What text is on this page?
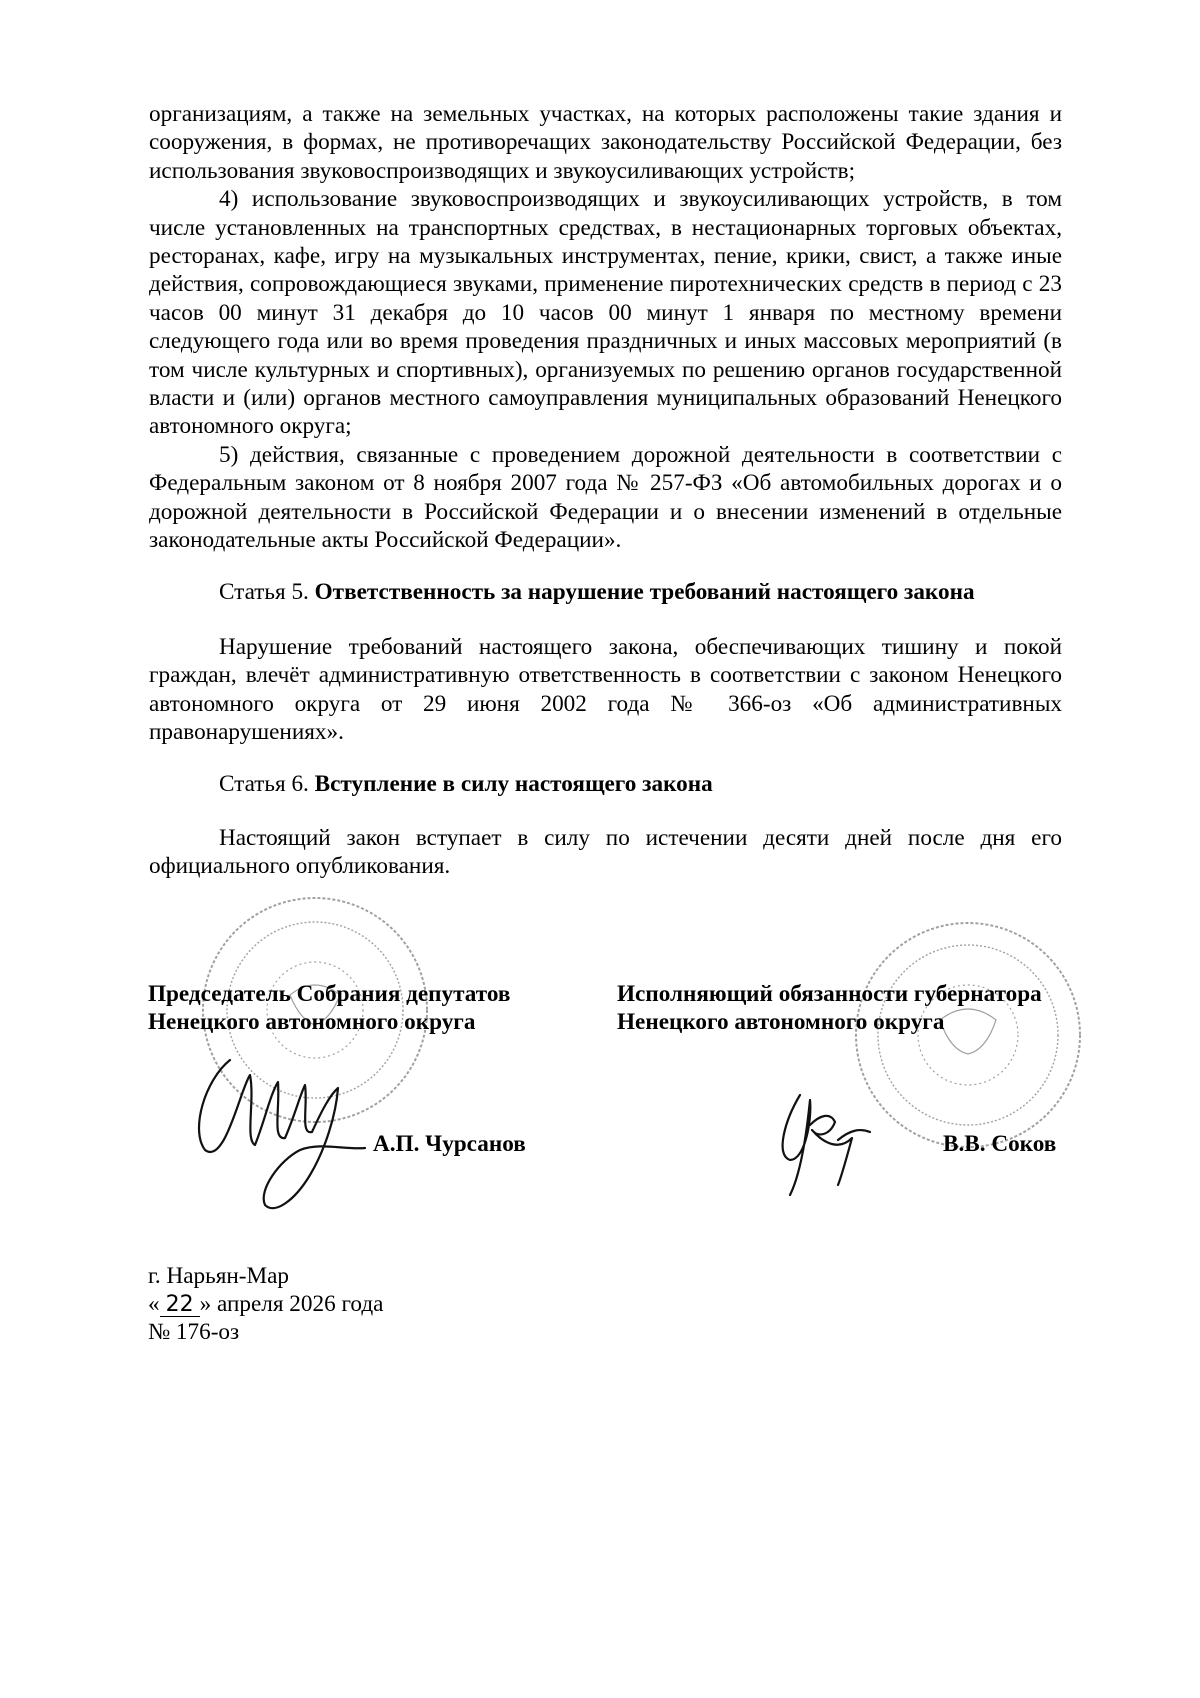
организациям, а также на земельных участках, на которых расположены такие здания и сооружения, в формах, не противоречащих законодательству Российской Федерации, без использования звуковоспроизводящих и звукоусиливающих устройств;

4) использование звуковоспроизводящих и звукоусиливающих устройств, в том числе установленных на транспортных средствах, в нестационарных торговых объектах, ресторанах, кафе, игру на музыкальных инструментах, пение, крики, свист, а также иные действия, сопровождающиеся звуками, применение пиротехнических средств в период с 23 часов 00 минут 31 декабря до 10 часов 00 минут 1 января по местному времени следующего года или во время проведения праздничных и иных массовых мероприятий (в том числе культурных и спортивных), организуемых по решению органов государственной власти и (или) органов местного самоуправления муниципальных образований Ненецкого автономного округа;

5) действия, связанные с проведением дорожной деятельности в соответствии с Федеральным законом от 8 ноября 2007 года № 257-ФЗ «Об автомобильных дорогах и о дорожной деятельности в Российской Федерации и о внесении изменений в отдельные законодательные акты Российской Федерации».

Статья 5. Ответственность за нарушение требований настоящего закона

Нарушение требований настоящего закона, обеспечивающих тишину и покой граждан, влечёт административную ответственность в соответствии с законом Ненецкого автономного округа от 29 июня 2002 года № 366-оз «Об административных правонарушениях».

Статья 6. Вступление в силу настоящего закона

Настоящий закон вступает в силу по истечении десяти дней после дня его официального опубликования.

Председатель Собрания депутатов
Ненецкого автономного округа
А.П. Чурсанов
Исполняющий обязанности губернатора
Ненецкого автономного округа
В.В. Соков
г. Нарьян-Мар
« 22 » апреля 2026 года
№ 176-оз
